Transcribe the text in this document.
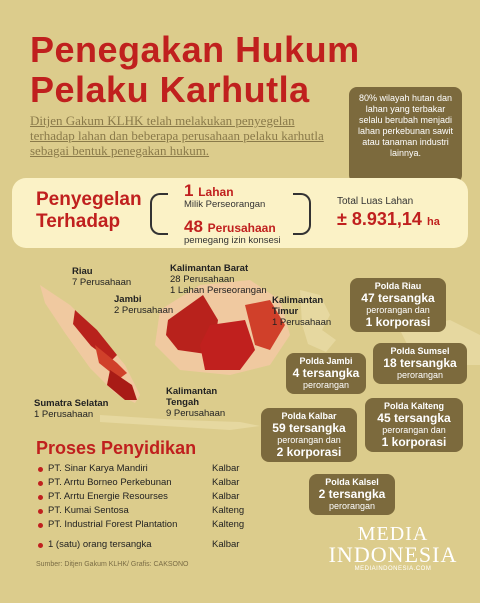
Penegakan Hukum
Pelaku Karhutla
Ditjen Gakum KLHK telah melakukan penyegelan terhadap lahan dan beberapa perusahaan pelaku karhutla sebagai bentuk penegakan hukum.
80% wilayah hutan dan lahan yang terbakar selalu berubah menjadi lahan perkebunan sawit atau tanaman industri lainnya.
Penyegelan
Terhadap
1 Lahan
Milik Perseorangan
48 Perusahaan
pemegang izin konsesi
Total Luas Lahan
± 8.931,14 ha
Riau
7 Perusahaan
Jambi
2 Perusahaan
Sumatra Selatan
1 Perusahaan
Kalimantan Barat
28 Perusahaan
1 Lahan Perseorangan
Kalimantan
Timur
1 Perusahaan
Kalimantan
Tengah
9 Perusahaan
Polda Riau
47 tersangka
perorangan dan
1 korporasi
Polda Jambi
4 tersangka
perorangan
Polda Sumsel
18 tersangka
perorangan
Polda Kalbar
59 tersangka
perorangan dan
2 korporasi
Polda Kalteng
45 tersangka
perorangan dan
1 korporasi
Polda Kalsel
2 tersangka
perorangan
Proses Penyidikan
PT. Sinar Karya Mandiri	Kalbar
PT. Arrtu Borneo Perkebunan	Kalbar
PT. Arrtu Energie Resourses	Kalbar
PT. Kumai Sentosa	Kalteng
PT. Industrial Forest Plantation	Kalteng
1 (satu) orang tersangka	Kalbar
Sumber: Ditjen Gakum KLHK/ Grafis: CAKSONO
MEDIA
INDONESIA
MEDIAINDONESIA.COM
